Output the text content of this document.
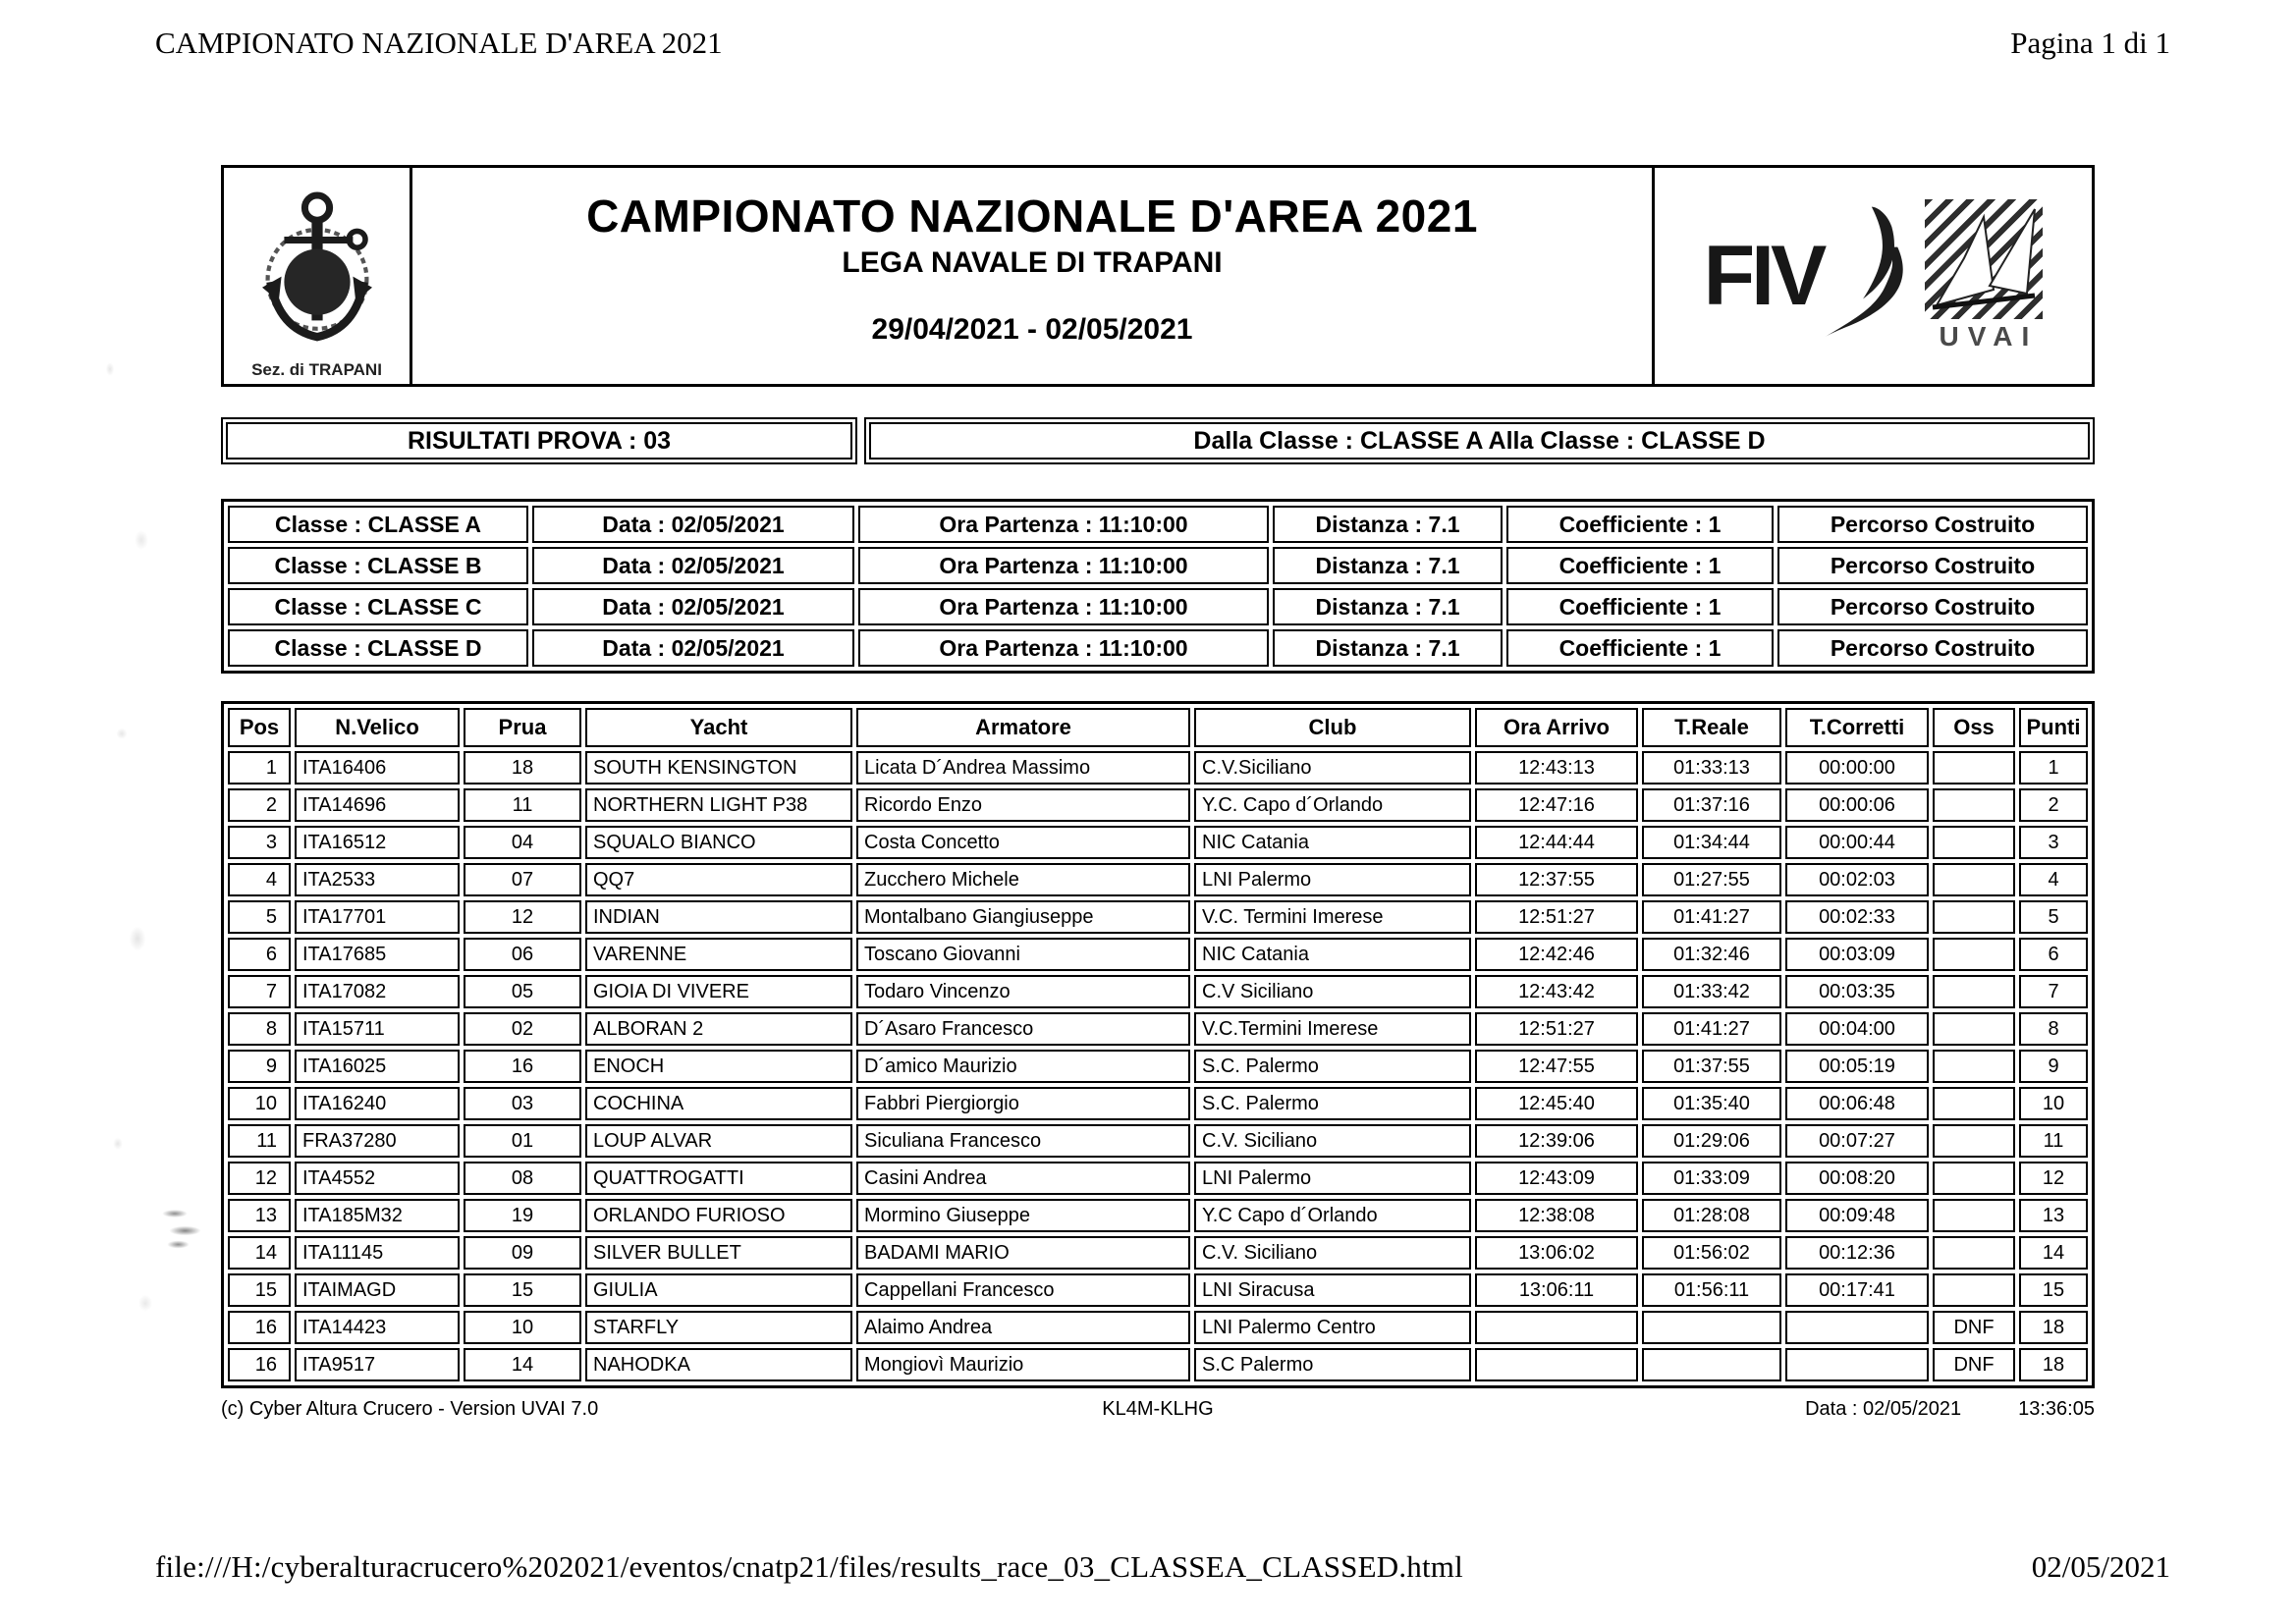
CAMPIONATO NAZIONALE D'AREA 2021	Pagina 1 di 1
Sez. di TRAPANI
CAMPIONATO NAZIONALE D'AREA 2021
LEGA NAVALE DI TRAPANI
29/04/2021 - 02/05/2021
FIV
UVAI
RISULTATI PROVA : 03	Dalla Classe : CLASSE A Alla Classe : CLASSE D
Classe : CLASSE A	Data : 02/05/2021	Ora Partenza : 11:10:00	Distanza : 7.1	Coefficiente : 1	Percorso Costruito
Classe : CLASSE B	Data : 02/05/2021	Ora Partenza : 11:10:00	Distanza : 7.1	Coefficiente : 1	Percorso Costruito
Classe : CLASSE C	Data : 02/05/2021	Ora Partenza : 11:10:00	Distanza : 7.1	Coefficiente : 1	Percorso Costruito
Classe : CLASSE D	Data : 02/05/2021	Ora Partenza : 11:10:00	Distanza : 7.1	Coefficiente : 1	Percorso Costruito
Pos	N.Velico	Prua	Yacht	Armatore	Club	Ora Arrivo	T.Reale	T.Corretti	Oss	Punti
1	ITA16406	18	SOUTH KENSINGTON	Licata D´Andrea Massimo	C.V.Siciliano	12:43:13	01:33:13	00:00:00		1
2	ITA14696	11	NORTHERN LIGHT P38	Ricordo Enzo	Y.C. Capo d´Orlando	12:47:16	01:37:16	00:00:06		2
3	ITA16512	04	SQUALO BIANCO	Costa Concetto	NIC Catania	12:44:44	01:34:44	00:00:44		3
4	ITA2533	07	QQ7	Zucchero Michele	LNI Palermo	12:37:55	01:27:55	00:02:03		4
5	ITA17701	12	INDIAN	Montalbano Giangiuseppe	V.C. Termini Imerese	12:51:27	01:41:27	00:02:33		5
6	ITA17685	06	VARENNE	Toscano Giovanni	NIC Catania	12:42:46	01:32:46	00:03:09		6
7	ITA17082	05	GIOIA DI VIVERE	Todaro Vincenzo	C.V Siciliano	12:43:42	01:33:42	00:03:35		7
8	ITA15711	02	ALBORAN 2	D´Asaro Francesco	V.C.Termini Imerese	12:51:27	01:41:27	00:04:00		8
9	ITA16025	16	ENOCH	D´amico Maurizio	S.C. Palermo	12:47:55	01:37:55	00:05:19		9
10	ITA16240	03	COCHINA	Fabbri Piergiorgio	S.C. Palermo	12:45:40	01:35:40	00:06:48		10
11	FRA37280	01	LOUP ALVAR	Siculiana Francesco	C.V. Siciliano	12:39:06	01:29:06	00:07:27		11
12	ITA4552	08	QUATTROGATTI	Casini Andrea	LNI Palermo	12:43:09	01:33:09	00:08:20		12
13	ITA185M32	19	ORLANDO FURIOSO	Mormino Giuseppe	Y.C Capo d´Orlando	12:38:08	01:28:08	00:09:48		13
14	ITA11145	09	SILVER BULLET	BADAMI MARIO	C.V. Siciliano	13:06:02	01:56:02	00:12:36		14
15	ITAIMAGD	15	GIULIA	Cappellani Francesco	LNI Siracusa	13:06:11	01:56:11	00:17:41		15
16	ITA14423	10	STARFLY	Alaimo Andrea	LNI Palermo Centro				DNF	18
16	ITA9517	14	NAHODKA	Mongiovì Maurizio	S.C Palermo				DNF	18
(c) Cyber Altura Crucero - Version UVAI 7.0	KL4M-KLHG	Data : 02/05/2021	13:36:05
file:///H:/cyberalturacrucero%202021/eventos/cnatp21/files/results_race_03_CLASSEA_CLASSED.html	02/05/2021
